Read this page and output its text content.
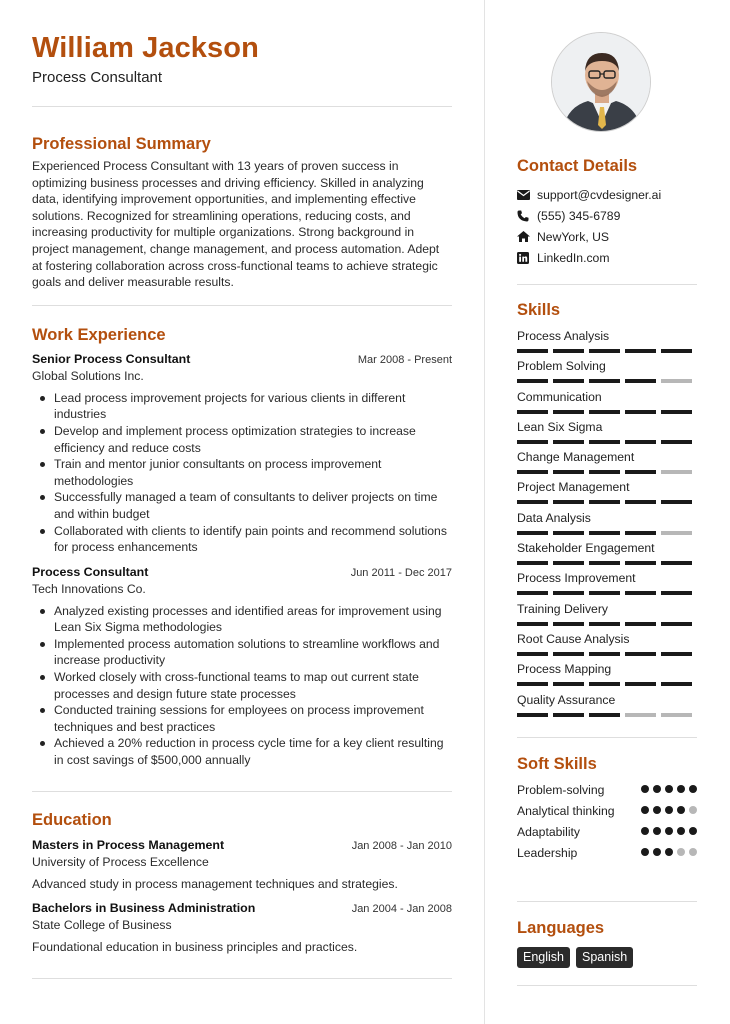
William Jackson
Process Consultant
Professional Summary
Experienced Process Consultant with 13 years of proven success in optimizing business processes and driving efficiency. Skilled in analyzing data, identifying improvement opportunities, and implementing effective solutions. Recognized for streamlining operations, reducing costs, and increasing productivity for multiple organizations. Strong background in project management, change management, and process automation. Adept at fostering collaboration across cross-functional teams to achieve strategic goals and deliver measurable results.
Work Experience
Senior Process Consultant	Mar 2008 - Present
Global Solutions Inc.
Lead process improvement projects for various clients in different industries
Develop and implement process optimization strategies to increase efficiency and reduce costs
Train and mentor junior consultants on process improvement methodologies
Successfully managed a team of consultants to deliver projects on time and within budget
Collaborated with clients to identify pain points and recommend solutions for process enhancements
Process Consultant	Jun 2011 - Dec 2017
Tech Innovations Co.
Analyzed existing processes and identified areas for improvement using Lean Six Sigma methodologies
Implemented process automation solutions to streamline workflows and increase productivity
Worked closely with cross-functional teams to map out current state processes and design future state processes
Conducted training sessions for employees on process improvement techniques and best practices
Achieved a 20% reduction in process cycle time for a key client resulting in cost savings of $500,000 annually
Education
Masters in Process Management	Jan 2008 - Jan 2010
University of Process Excellence
Advanced study in process management techniques and strategies.
Bachelors in Business Administration	Jan 2004 - Jan 2008
State College of Business
Foundational education in business principles and practices.
Contact Details
support@cvdesigner.ai
(555) 345-6789
NewYork, US
LinkedIn.com
Skills
Process Analysis
Problem Solving
Communication
Lean Six Sigma
Change Management
Project Management
Data Analysis
Stakeholder Engagement
Process Improvement
Training Delivery
Root Cause Analysis
Process Mapping
Quality Assurance
Soft Skills
Problem-solving
Analytical thinking
Adaptability
Leadership
Languages
English	Spanish
